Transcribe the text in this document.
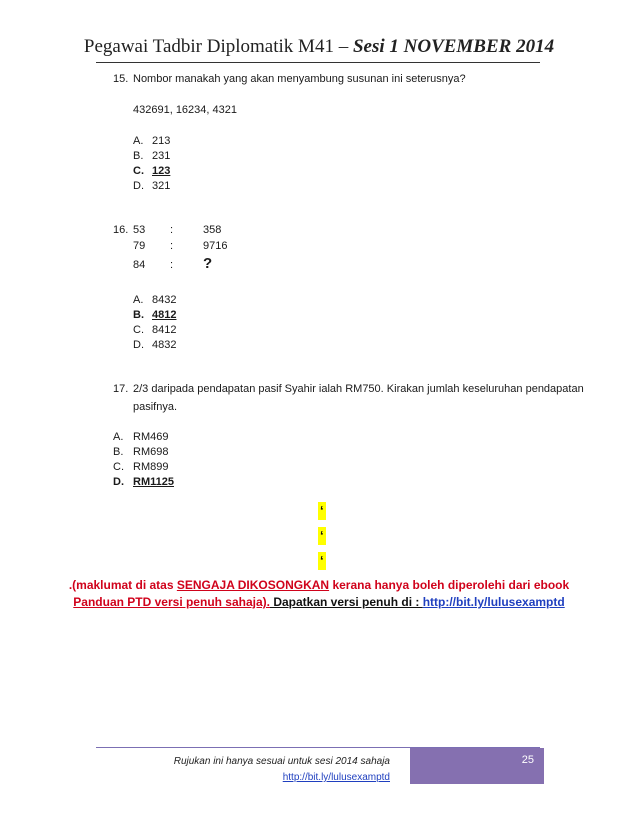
Pegawai Tadbir Diplomatik M41 – Sesi 1 NOVEMBER 2014
15. Nombor manakah yang akan menyambung susunan ini seterusnya?
432691, 16234, 4321
A. 213
B. 231
C. 123
D. 321
16. 53 :	358
79 :	9716
84 : ?
A. 8432
B. 4812
C. 8412
D. 4832
17. 2/3 daripada pendapatan pasif Syahir ialah RM750. Kirakan jumlah keseluruhan pendapatan
pasifnya.
A. RM469
B. RM698
C. RM899
D. RM1125
‘
‘
‘
.(maklumat di atas SENGAJA DIKOSONGKAN kerana hanya boleh diperolehi dari ebook
Panduan PTD versi penuh sahaja). Dapatkan versi penuh di : http://bit.ly/lulusexamptd
Rujukan ini hanya sesuai untuk sesi 2014 sahaja
http://bit.ly/lulusexamptd
25
